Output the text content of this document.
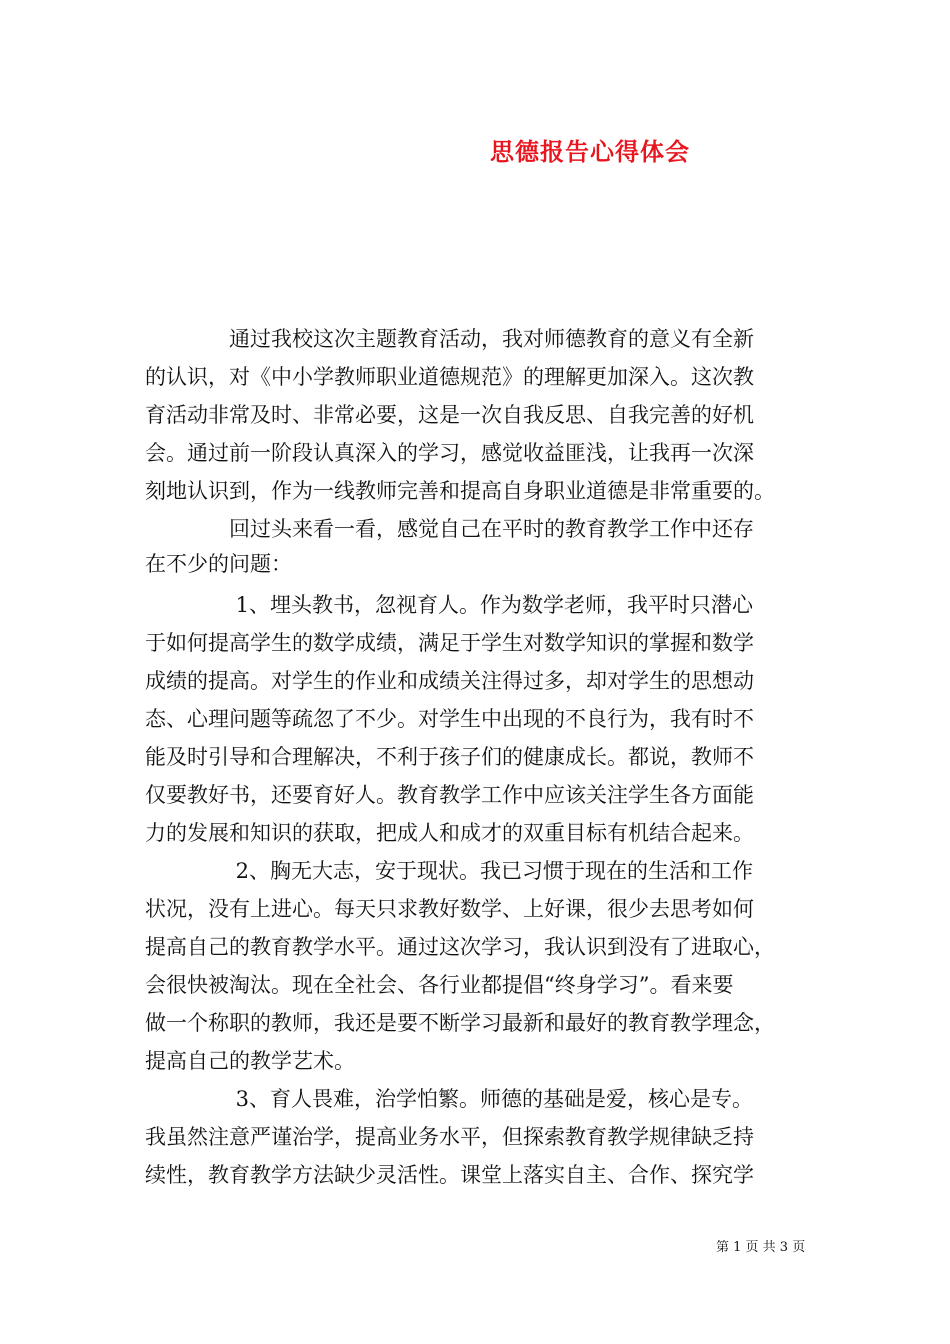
思德报告心得体会
　　　　通过我校这次主题教育活动，我对师德教育的意义有全新
的认识，对《中小学教师职业道德规范》的理解更加深入。这次教
育活动非常及时、非常必要，这是一次自我反思、自我完善的好机
会。通过前一阶段认真深入的学习，感觉收益匪浅，让我再一次深
刻地认识到，作为一线教师完善和提高自身职业道德是非常重要的。
　　　　回过头来看一看，感觉自己在平时的教育教学工作中还存
在不少的问题：
　　　　 1、埋头教书，忽视育人。作为数学老师，我平时只潜心
于如何提高学生的数学成绩，满足于学生对数学知识的掌握和数学
成绩的提高。对学生的作业和成绩关注得过多，却对学生的思想动
态、心理问题等疏忽了不少。对学生中出现的不良行为，我有时不
能及时引导和合理解决，不利于孩子们的健康成长。都说，教师不
仅要教好书，还要育好人。教育教学工作中应该关注学生各方面能
力的发展和知识的获取，把成人和成才的双重目标有机结合起来。
　　　　 2、胸无大志，安于现状。我已习惯于现在的生活和工作
状况，没有上进心。每天只求教好数学、上好课，很少去思考如何
提高自己的教育教学水平。通过这次学习，我认识到没有了进取心，
会很快被淘汰。现在全社会、各行业都提倡“终身学习”。看来要
做一个称职的教师，我还是要不断学习最新和最好的教育教学理念，
提高自己的教学艺术。
　　　　 3、育人畏难，治学怕繁。师德的基础是爱，核心是专。
我虽然注意严谨治学，提高业务水平，但探索教育教学规律缺乏持
续性，教育教学方法缺少灵活性。课堂上落实自主、合作、探究学
第 1 页 共 3 页
